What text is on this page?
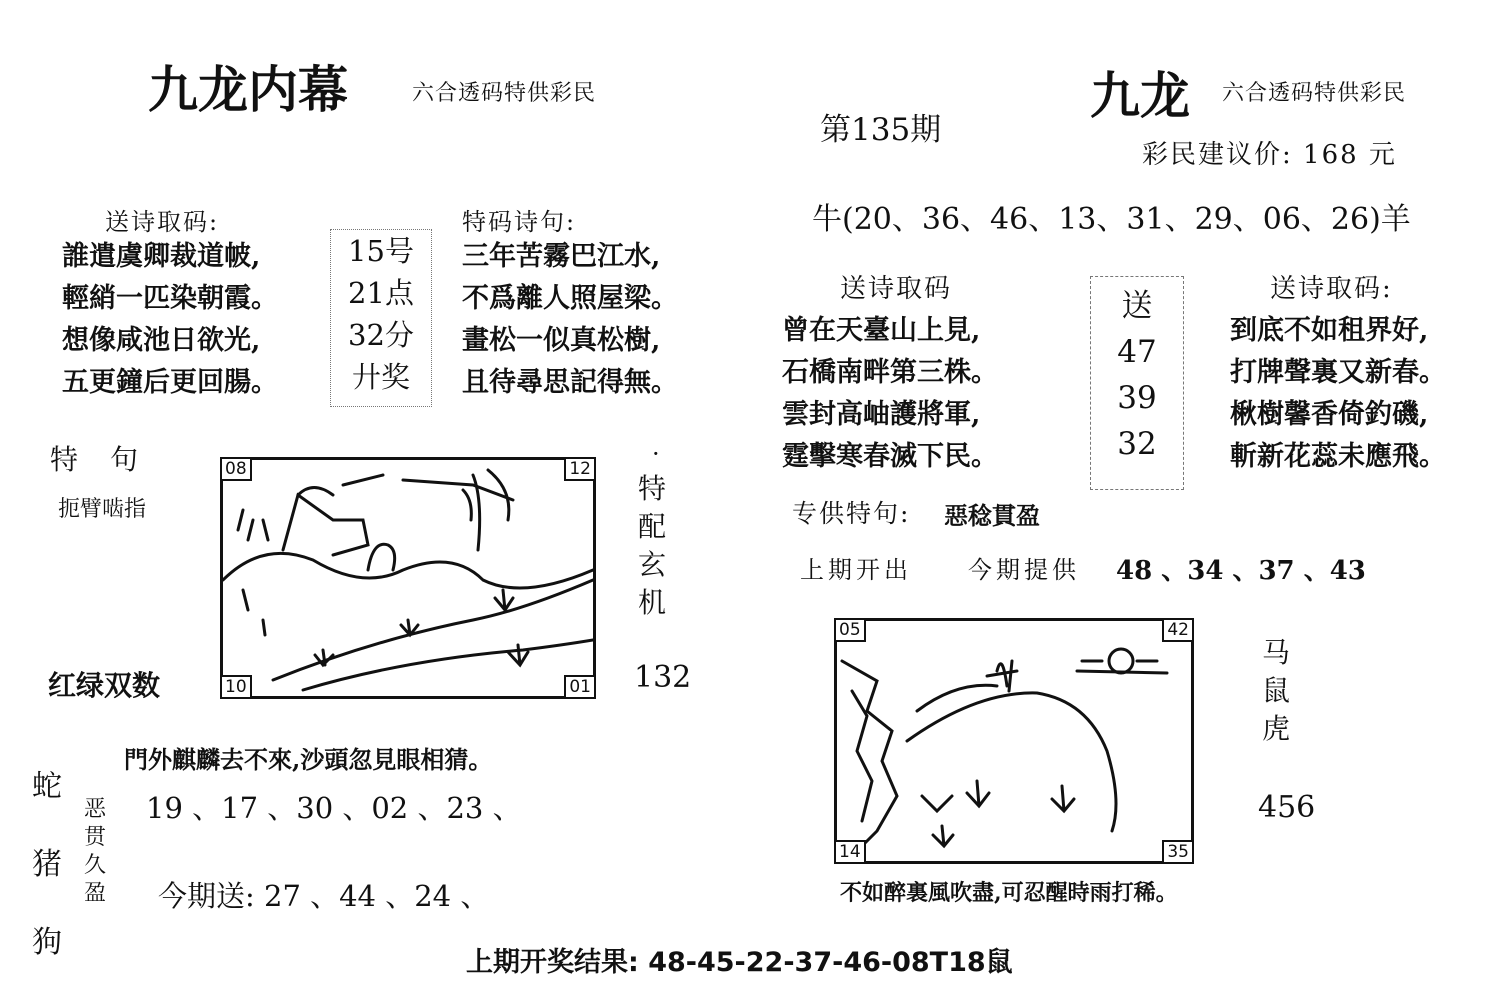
九龙内幕	六合透码特供彩民
送诗取码:
誰遣虞卿裁道帔,
輕綃一匹染朝霞。
想像咸池日欲光,
五更鐘后更回腸。
15号
21点
32分
廾奖
特码诗句:
三年苦霧巴江水,
不爲離人照屋梁。
畫松一似真松樹,
且待尋思記得無。
特　句
扼臂啮指
08	12
10	01
·
特
配
玄
机
132
红绿双数
門外麒麟去不來,沙頭忽見眼相猜。
蛇
猪
狗
恶
贯
久
盈
19 、17 、30 、02 、23 、
今期送: 27 、44 、24 、
九龙 六合透码特供彩民
第135期
彩民建议价: 168 元
牛(20、36、46、13、31、29、06、26)羊
送诗取码
曾在天臺山上見,
石橋南畔第三株。
雲封高岫護將軍,
霆擊寒春滅下民。
送
47
39
32
送诗取码:
到底不如租界好,
打牌聲裏又新春。
楸樹馨香倚釣磯,
斬新花蕊未應飛。
专供特句: 惡稔貫盈
上期开出 今期提供 48 、34 、37 、43
05	42
14	35
马
鼠
虎
456
不如醉裏風吹盡,可忍醒時雨打稀。
上期开奖结果: 48-45-22-37-46-08T18鼠
